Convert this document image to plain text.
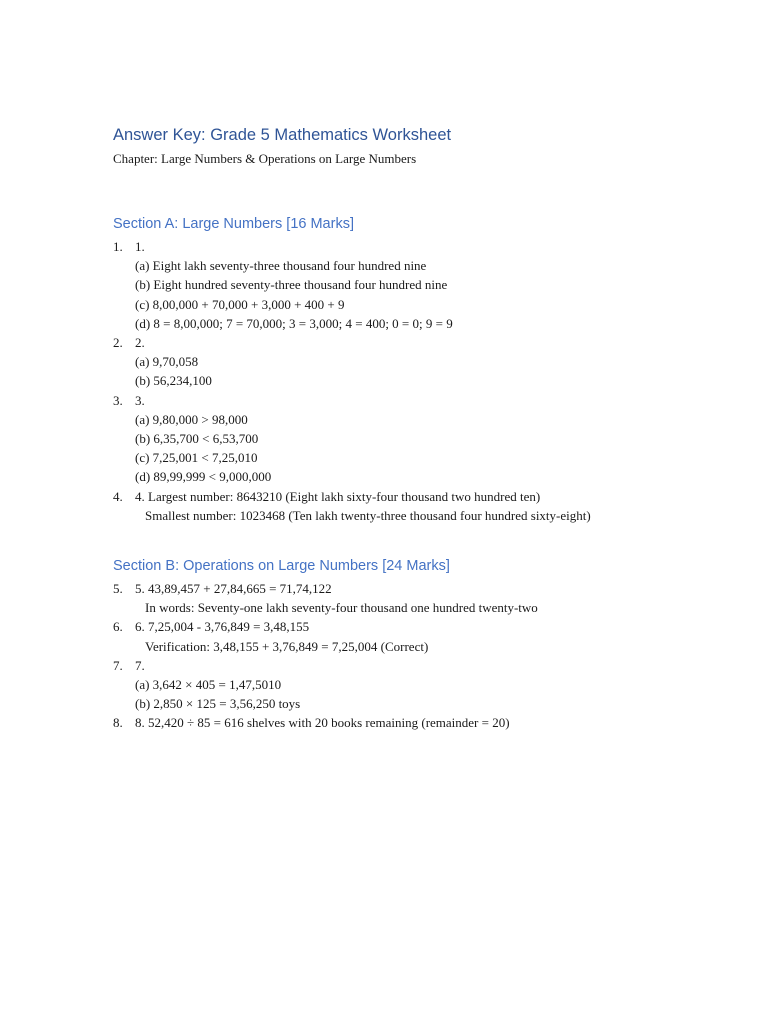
Answer Key: Grade 5 Mathematics Worksheet
Chapter: Large Numbers & Operations on Large Numbers
Section A: Large Numbers [16 Marks]
1. 1.
(a) Eight lakh seventy-three thousand four hundred nine
(b) Eight hundred seventy-three thousand four hundred nine
(c) 8,00,000 + 70,000 + 3,000 + 400 + 9
(d) 8 = 8,00,000; 7 = 70,000; 3 = 3,000; 4 = 400; 0 = 0; 9 = 9
2. 2.
(a) 9,70,058
(b) 56,234,100
3. 3.
(a) 9,80,000 > 98,000
(b) 6,35,700 < 6,53,700
(c) 7,25,001 < 7,25,010
(d) 89,99,999 < 9,000,000
4. 4. Largest number: 8643210 (Eight lakh sixty-four thousand two hundred ten)
Smallest number: 1023468 (Ten lakh twenty-three thousand four hundred sixty-eight)
Section B: Operations on Large Numbers [24 Marks]
5. 5. 43,89,457 + 27,84,665 = 71,74,122
In words: Seventy-one lakh seventy-four thousand one hundred twenty-two
6. 6. 7,25,004 - 3,76,849 = 3,48,155
Verification: 3,48,155 + 3,76,849 = 7,25,004 (Correct)
7. 7.
(a) 3,642 × 405 = 1,47,5010
(b) 2,850 × 125 = 3,56,250 toys
8. 8. 52,420 ÷ 85 = 616 shelves with 20 books remaining (remainder = 20)
